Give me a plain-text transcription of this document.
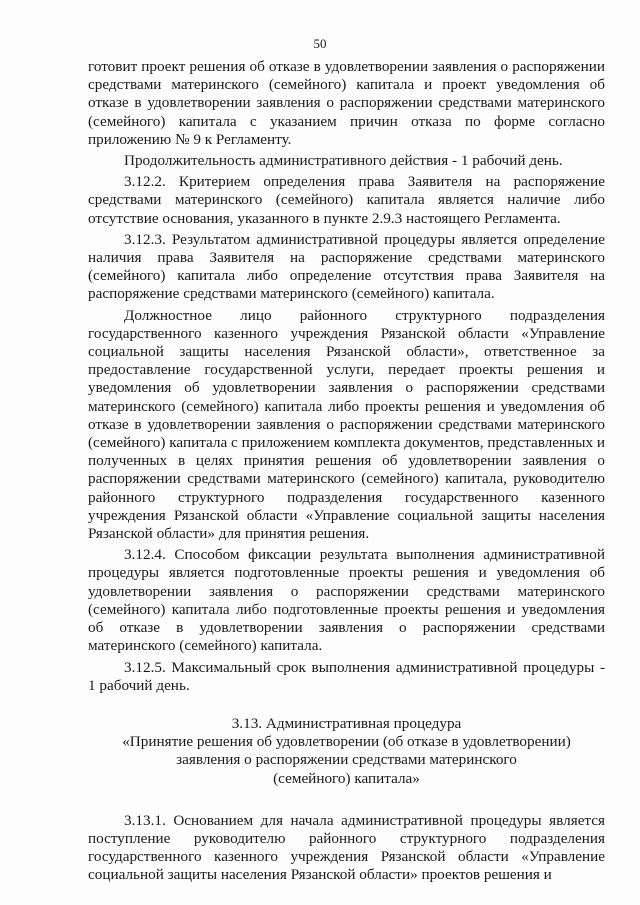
50

готовит проект решения об отказе в удовлетворении заявления о распоряжении средствами материнского (семейного) капитала и проект уведомления об отказе в удовлетворении заявления о распоряжении средствами материнского (семейного) капитала с указанием причин отказа по форме согласно приложению № 9 к Регламенту.

Продолжительность административного действия - 1 рабочий день.

3.12.2. Критерием определения права Заявителя на распоряжение средствами материнского (семейного) капитала является наличие либо отсутствие основания, указанного в пункте 2.9.3 настоящего Регламента.

3.12.3. Результатом административной процедуры является определение наличия права Заявителя на распоряжение средствами материнского (семейного) капитала либо определение отсутствия права Заявителя на распоряжение средствами материнского (семейного) капитала.

Должностное лицо районного структурного подразделения государственного казенного учреждения Рязанской области «Управление социальной защиты населения Рязанской области», ответственное за предоставление государственной услуги, передает проекты решения и уведомления об удовлетворении заявления о распоряжении средствами материнского (семейного) капитала либо проекты решения и уведомления об отказе в удовлетворении заявления о распоряжении средствами материнского (семейного) капитала с приложением комплекта документов, представленных и полученных в целях принятия решения об удовлетворении заявления о распоряжении средствами материнского (семейного) капитала, руководителю районного структурного подразделения государственного казенного учреждения Рязанской области «Управление социальной защиты населения Рязанской области» для принятия решения.

3.12.4. Способом фиксации результата выполнения административной процедуры является подготовленные проекты решения и уведомления об удовлетворении заявления о распоряжении средствами материнского (семейного) капитала либо подготовленные проекты решения и уведомления об отказе в удовлетворении заявления о распоряжении средствами материнского (семейного) капитала.

3.12.5. Максимальный срок выполнения административной процедуры - 1 рабочий день.

3.13. Административная процедура
«Принятие решения об удовлетворении (об отказе в удовлетворении)
заявления о распоряжении средствами материнского
(семейного) капитала»

3.13.1. Основанием для начала административной процедуры является поступление руководителю районного структурного подразделения государственного казенного учреждения Рязанской области «Управление социальной защиты населения Рязанской области» проектов решения и
